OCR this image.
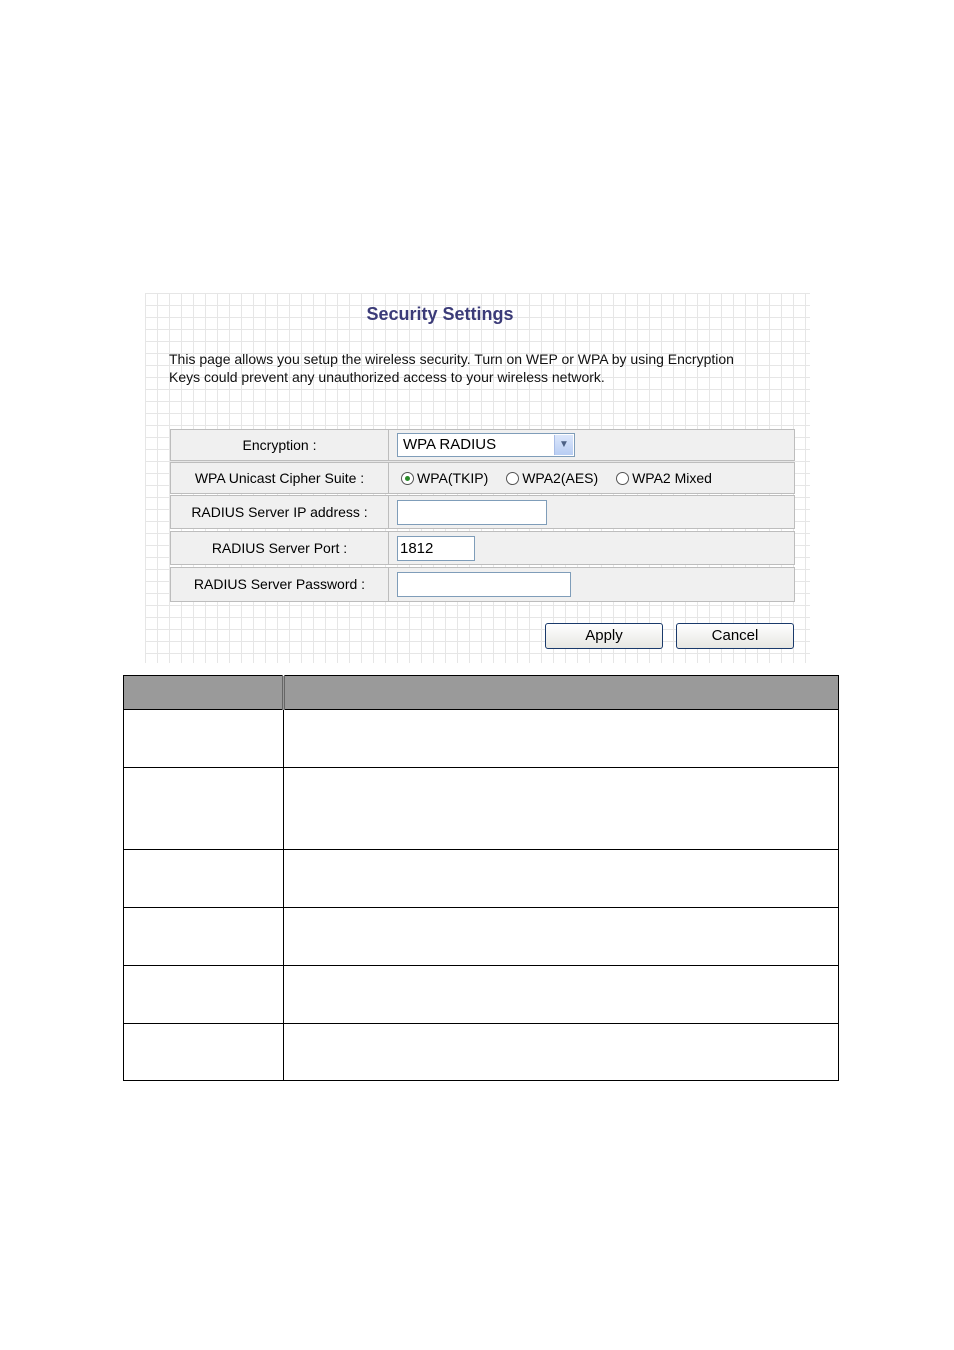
Security Settings
This page allows you setup the wireless security. Turn on WEP or WPA by using Encryption
Keys could prevent any unauthorized access to your wireless network.
Encryption :	WPA RADIUS	▼
WPA Unicast Cipher Suite :	WPA(TKIP) WPA2(AES) WPA2 Mixed
RADIUS Server IP address :
RADIUS Server Port :	1812
RADIUS Server Password :
Apply	Cancel
